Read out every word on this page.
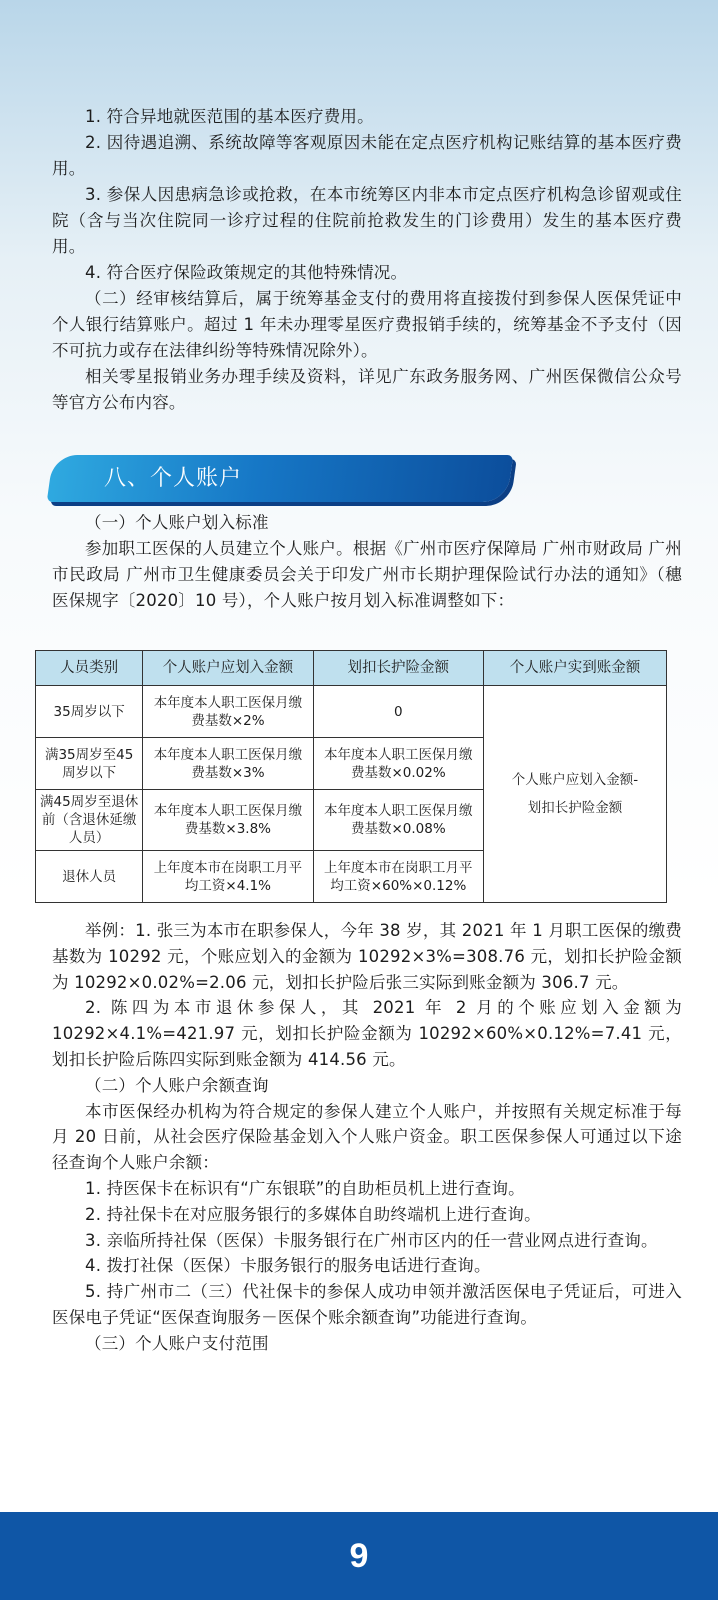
1. 符合异地就医范围的基本医疗费用。

2. 因待遇追溯、系统故障等客观原因未能在定点医疗机构记账结算的基本医疗费用。

3. 参保人因患病急诊或抢救，在本市统筹区内非本市定点医疗机构急诊留观或住院（含与当次住院同一诊疗过程的住院前抢救发生的门诊费用）发生的基本医疗费用。

4. 符合医疗保险政策规定的其他特殊情况。

（二）经审核结算后，属于统筹基金支付的费用将直接拨付到参保人医保凭证中个人银行结算账户。超过 1 年未办理零星医疗费报销手续的，统筹基金不予支付（因不可抗力或存在法律纠纷等特殊情况除外）。

相关零星报销业务办理手续及资料，详见广东政务服务网、广州医保微信公众号等官方公布内容。

八、个人账户

（一）个人账户划入标准

参加职工医保的人员建立个人账户。根据《广州市医疗保障局 广州市财政局 广州市民政局 广州市卫生健康委员会关于印发广州市长期护理保险试行办法的通知》（穗医保规字〔2020〕10 号），个人账户按月划入标准调整如下：

人员类别	个人账户应划入金额	划扣长护险金额	个人账户实到账金额
35周岁以下	本年度本人职工医保月缴费基数×2%	0	个人账户应划入金额-
划扣长护险金额

满35周岁至45周岁以下	本年度本人职工医保月缴费基数×3%	本年度本人职工医保月缴费基数×0.02%	
满45周岁至退休前（含退休延缴人员）	本年度本人职工医保月缴费基数×3.8%	本年度本人职工医保月缴费基数×0.08%	
退休人员	上年度本市在岗职工月平均工资×4.1%	上年度本市在岗职工月平均工资×60%×0.12%	

举例：1. 张三为本市在职参保人，今年 38 岁，其 2021 年 1 月职工医保的缴费基数为 10292 元，个账应划入的金额为 10292×3%=308.76 元，划扣长护险金额为 10292×0.02%=2.06 元，划扣长护险后张三实际到账金额为 306.7 元。

2. 陈四为本市退休参保人，其 2021 年 2 月的个账应划入金额为 10292×4.1%=421.97 元，划扣长护险金额为 10292×60%×0.12%=7.41 元，划扣长护险后陈四实际到账金额为 414.56 元。

（二）个人账户余额查询

本市医保经办机构为符合规定的参保人建立个人账户，并按照有关规定标准于每月 20 日前，从社会医疗保险基金划入个人账户资金。职工医保参保人可通过以下途径查询个人账户余额：

1. 持医保卡在标识有“广东银联”的自助柜员机上进行查询。

2. 持社保卡在对应服务银行的多媒体自助终端机上进行查询。

3. 亲临所持社保（医保）卡服务银行在广州市区内的任一营业网点进行查询。

4. 拨打社保（医保）卡服务银行的服务电话进行查询。

5. 持广州市二（三）代社保卡的参保人成功申领并激活医保电子凭证后，可进入医保电子凭证“医保查询服务－医保个账余额查询”功能进行查询。

（三）个人账户支付范围

9
